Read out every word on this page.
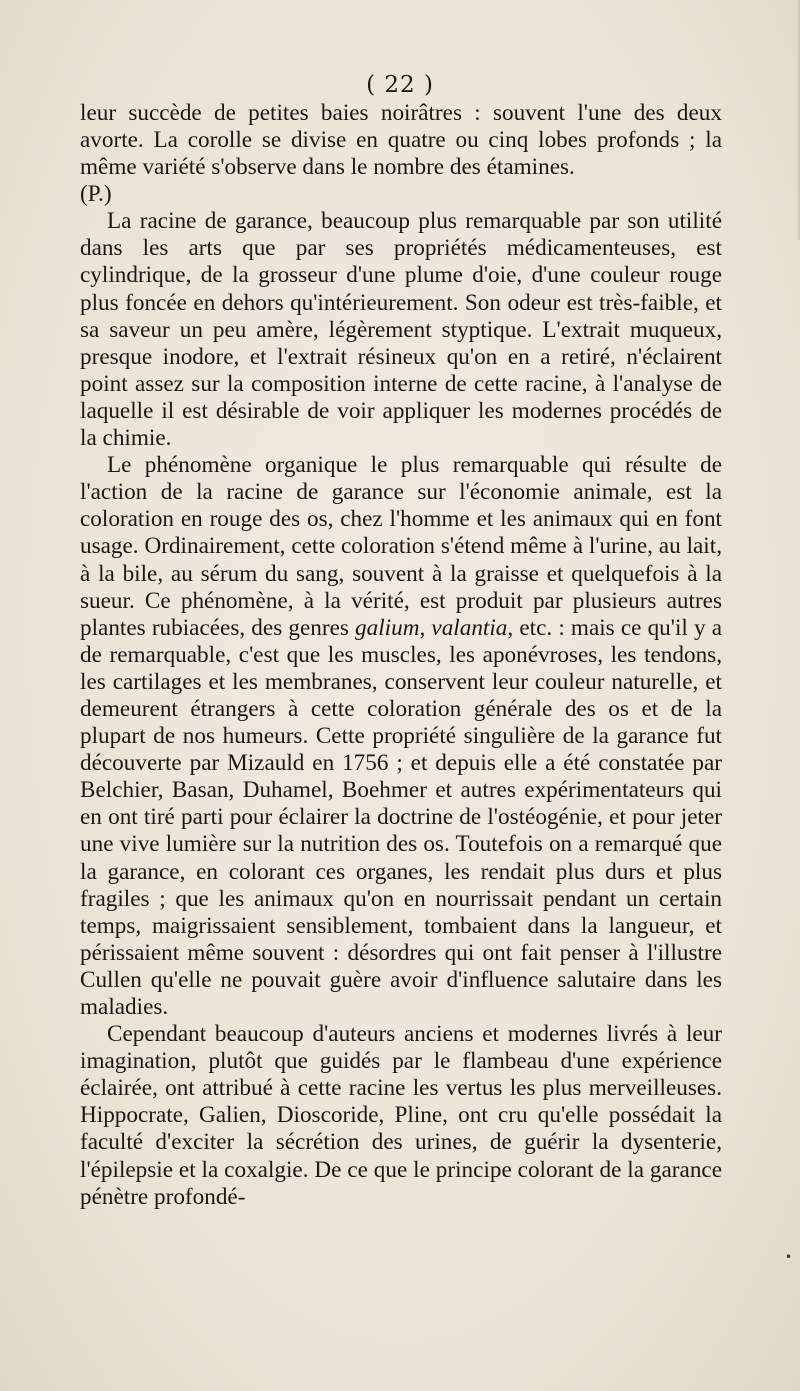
( 22 )

leur succède de petites baies noirâtres : souvent l'une des deux avorte. La corolle se divise en quatre ou cinq lobes profonds ; la même variété s'observe dans le nombre des étamines.

(P.)

La racine de garance, beaucoup plus remarquable par son utilité dans les arts que par ses propriétés médicamenteuses, est cylindrique, de la grosseur d'une plume d'oie, d'une couleur rouge plus foncée en dehors qu'intérieurement. Son odeur est très-faible, et sa saveur un peu amère, légèrement styptique. L'extrait muqueux, presque inodore, et l'extrait résineux qu'on en a retiré, n'éclairent point assez sur la composition interne de cette racine, à l'analyse de laquelle il est désirable de voir appliquer les modernes procédés de la chimie.

Le phénomène organique le plus remarquable qui résulte de l'action de la racine de garance sur l'économie animale, est la coloration en rouge des os, chez l'homme et les animaux qui en font usage. Ordinairement, cette coloration s'étend même à l'urine, au lait, à la bile, au sérum du sang, souvent à la graisse et quelquefois à la sueur. Ce phénomène, à la vérité, est produit par plusieurs autres plantes rubiacées, des genres galium, valantia, etc. : mais ce qu'il y a de remarquable, c'est que les muscles, les aponévroses, les tendons, les cartilages et les membranes, conservent leur couleur naturelle, et demeurent étrangers à cette coloration générale des os et de la plupart de nos humeurs. Cette propriété singulière de la garance fut découverte par Mizauld en 1756 ; et depuis elle a été constatée par Belchier, Basan, Duhamel, Boehmer et autres expérimentateurs qui en ont tiré parti pour éclairer la doctrine de l'ostéogénie, et pour jeter une vive lumière sur la nutrition des os. Toutefois on a remarqué que la garance, en colorant ces organes, les rendait plus durs et plus fragiles ; que les animaux qu'on en nourrissait pendant un certain temps, maigrissaient sensiblement, tombaient dans la langueur, et périssaient même souvent : désordres qui ont fait penser à l'illustre Cullen qu'elle ne pouvait guère avoir d'influence salutaire dans les maladies.

Cependant beaucoup d'auteurs anciens et modernes livrés à leur imagination, plutôt que guidés par le flambeau d'une expérience éclairée, ont attribué à cette racine les vertus les plus merveilleuses. Hippocrate, Galien, Dioscoride, Pline, ont cru qu'elle possédait la faculté d'exciter la sécrétion des urines, de guérir la dysenterie, l'épilepsie et la coxalgie. De ce que le principe colorant de la garance pénètre profondé-

•
